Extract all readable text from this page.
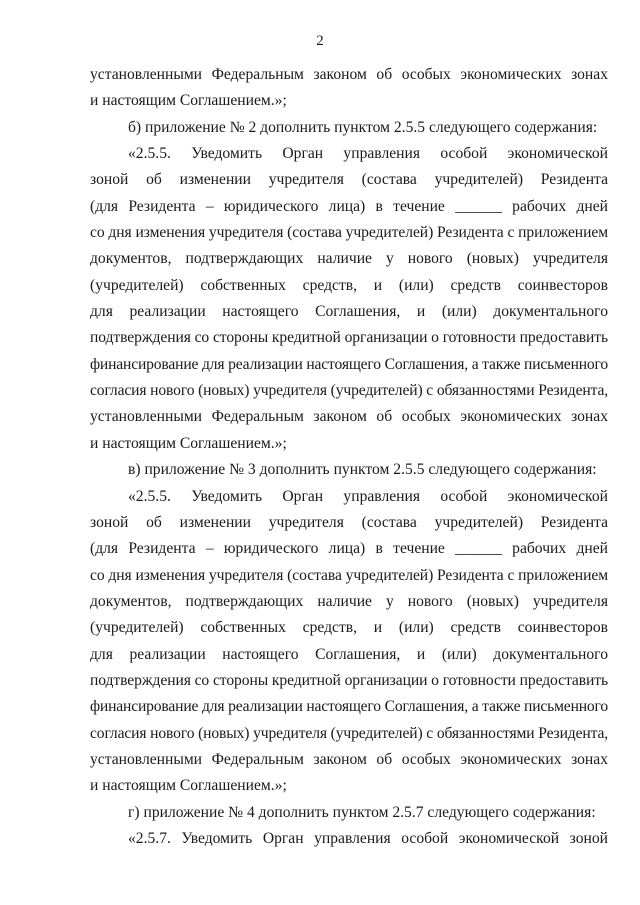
2
установленными Федеральным законом об особых экономических зонах
и настоящим Соглашением.»;
б) приложение № 2 дополнить пунктом 2.5.5 следующего содержания:
«2.5.5. Уведомить Орган управления особой экономической
зоной об изменении учредителя (состава учредителей) Резидента
(для Резидента – юридического лица) в течение ______ рабочих дней
со дня изменения учредителя (состава учредителей) Резидента с приложением
документов, подтверждающих наличие у нового (новых) учредителя
(учредителей) собственных средств, и (или) средств соинвесторов
для реализации настоящего Соглашения, и (или) документального
подтверждения со стороны кредитной организации о готовности предоставить
финансирование для реализации настоящего Соглашения, а также письменного
согласия нового (новых) учредителя (учредителей) с обязанностями Резидента,
установленными Федеральным законом об особых экономических зонах
и настоящим Соглашением.»;
в) приложение № 3 дополнить пунктом 2.5.5 следующего содержания:
«2.5.5. Уведомить Орган управления особой экономической
зоной об изменении учредителя (состава учредителей) Резидента
(для Резидента – юридического лица) в течение ______ рабочих дней
со дня изменения учредителя (состава учредителей) Резидента с приложением
документов, подтверждающих наличие у нового (новых) учредителя
(учредителей) собственных средств, и (или) средств соинвесторов
для реализации настоящего Соглашения, и (или) документального
подтверждения со стороны кредитной организации о готовности предоставить
финансирование для реализации настоящего Соглашения, а также письменного
согласия нового (новых) учредителя (учредителей) с обязанностями Резидента,
установленными Федеральным законом об особых экономических зонах
и настоящим Соглашением.»;
г) приложение № 4 дополнить пунктом 2.5.7 следующего содержания:
«2.5.7. Уведомить Орган управления особой экономической зоной
